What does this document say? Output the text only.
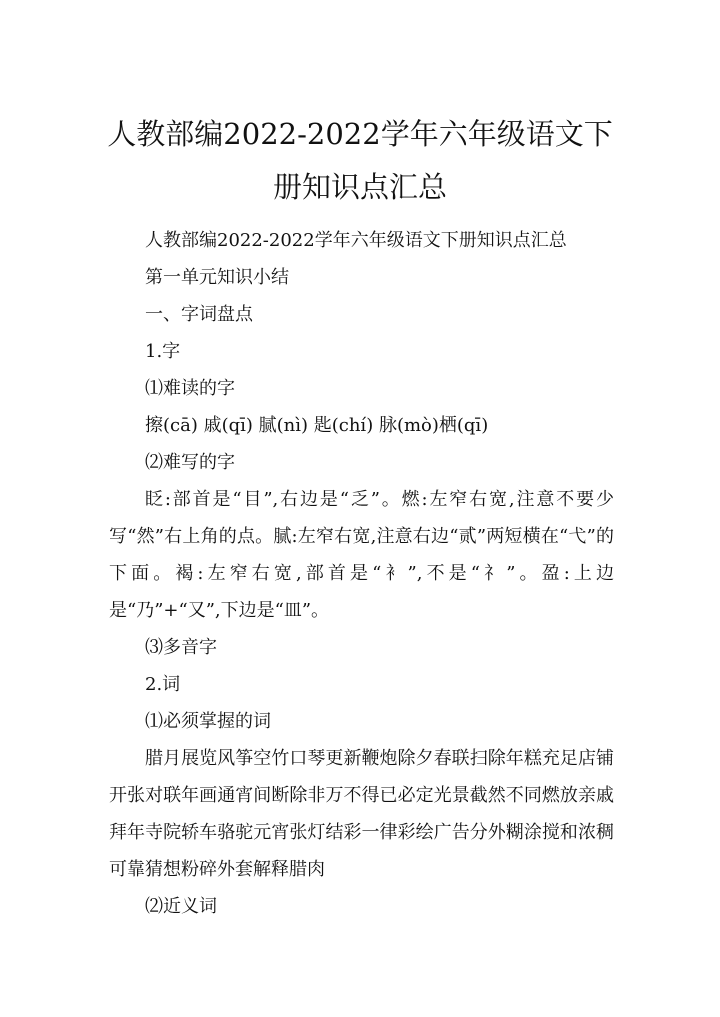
人教部编2022-2022学年六年级语文下册知识点汇总

人教部编2022-2022学年六年级语文下册知识点汇总

第一单元知识小结

一、字词盘点

1.字

⑴难读的字

擦(cā) 戚(qī) 腻(nì) 匙(chí) 脉(mò)栖(qī)

⑵难写的字

眨:部首是“目”,右边是“乏”。燃:左窄右宽,注意不要少写“然”右上角的点。腻:左窄右宽,注意右边“贰”两短横在“弋”的下面。褐:左窄右宽,部首是“衤”,不是“礻”。盈:上边是“乃”+“又”,下边是“皿”。

⑶多音字

2.词

⑴必须掌握的词

腊月展览风筝空竹口琴更新鞭炮除夕春联扫除年糕充足店铺开张对联年画通宵间断除非万不得已必定光景截然不同燃放亲戚拜年寺院轿车骆驼元宵张灯结彩一律彩绘广告分外糊涂搅和浓稠可靠猜想粉碎外套解释腊肉

⑵近义词
